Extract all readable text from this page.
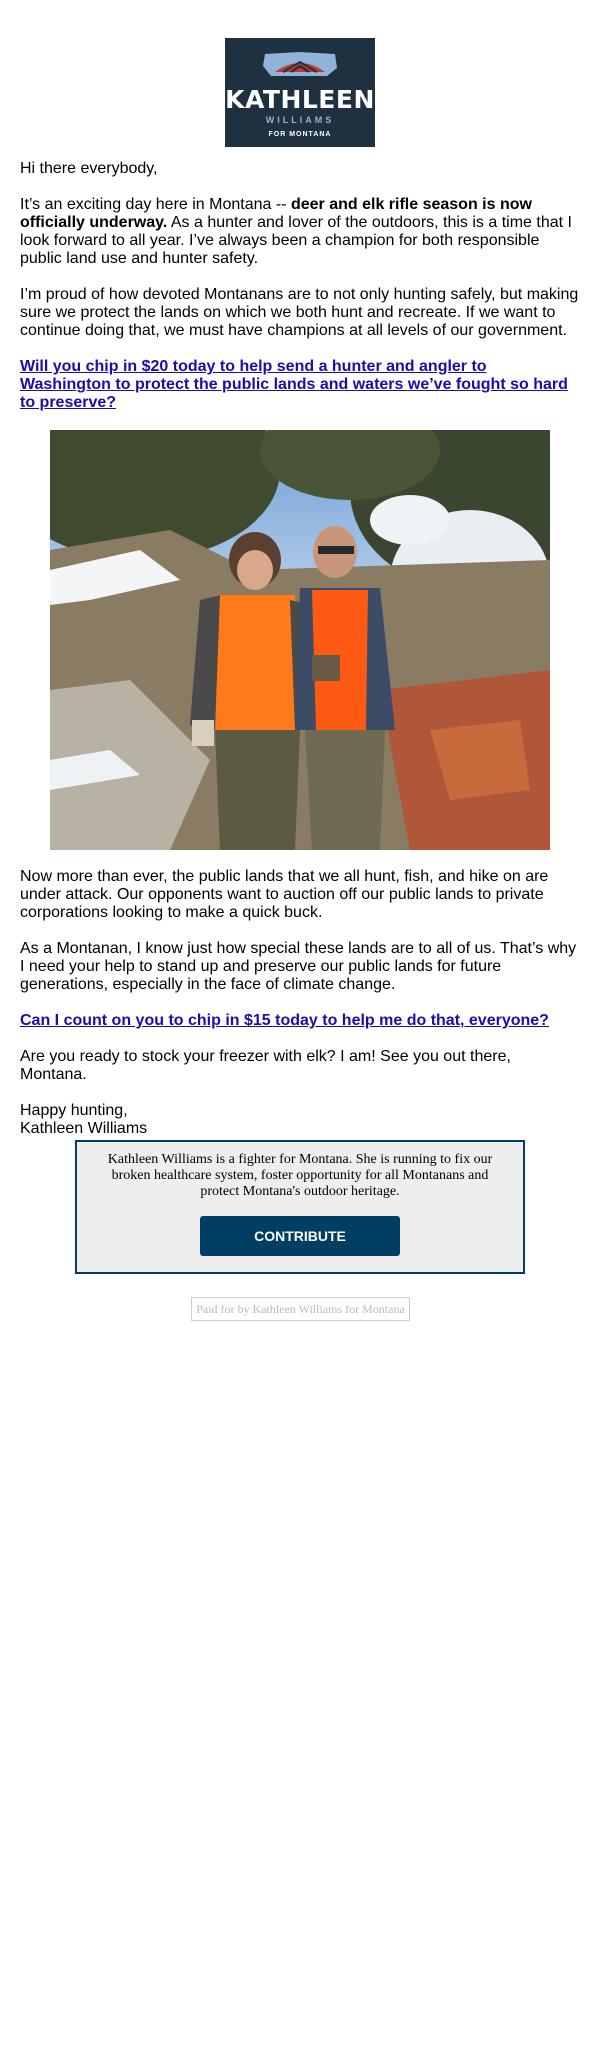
KATHLEEN
WILLIAMS
FOR MONTANA

Hi there everybody,

It’s an exciting day here in Montana -- deer and elk rifle season is now officially underway. As a hunter and lover of the outdoors, this is a time that I look forward to all year. I’ve always been a champion for both responsible public land use and hunter safety.

I’m proud of how devoted Montanans are to not only hunting safely, but making sure we protect the lands on which we both hunt and recreate. If we want to continue doing that, we must have champions at all levels of our government.

Will you chip in $20 today to help send a hunter and angler to Washington to protect the public lands and waters we’ve fought so hard to preserve?

Now more than ever, the public lands that we all hunt, fish, and hike on are under attack. Our opponents want to auction off our public lands to private corporations looking to make a quick buck.

As a Montanan, I know just how special these lands are to all of us. That’s why I need your help to stand up and preserve our public lands for future generations, especially in the face of climate change.

Can I count on you to chip in $15 today to help me do that, everyone?

Are you ready to stock your freezer with elk? I am! See you out there, Montana.

Happy hunting,
Kathleen Williams

Kathleen Williams is a fighter for Montana. She is running to fix our broken healthcare system, foster opportunity for all Montanans and protect Montana's outdoor heritage.
CONTRIBUTE
Paid for by Kathleen Williams for Montana
